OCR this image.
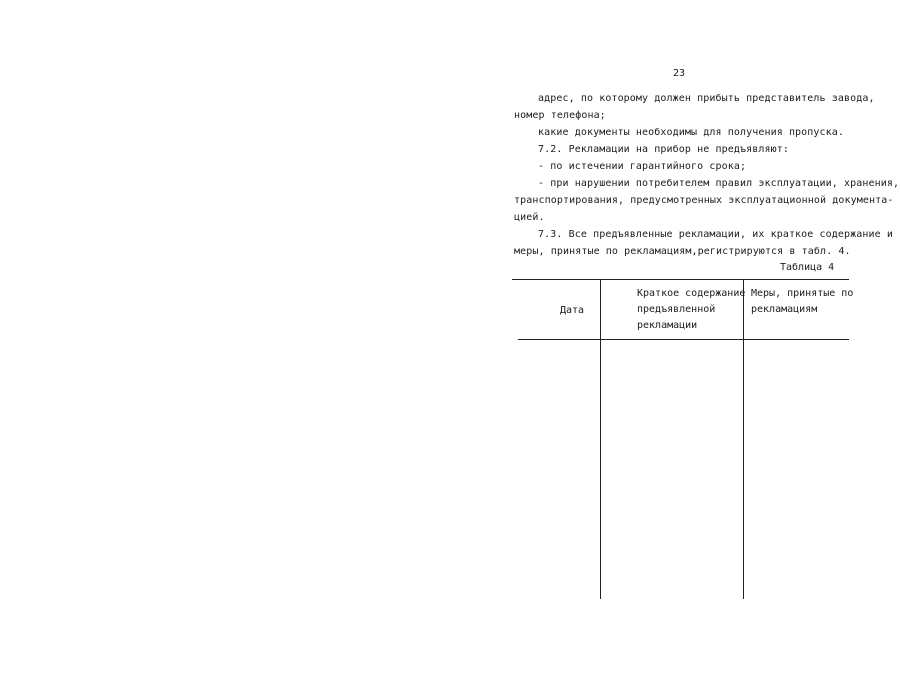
23
адрес, по которому должен прибыть представитель завода,
номер телефона;
какие документы необходимы для получения пропуска.
7.2. Рекламации на прибор не предъявляют:
- по истечении гарантийного срока;
- при нарушении потребителем правил эксплуатации, хранения,
транспортирования, предусмотренных эксплуатационной документа-
цией.
7.3. Все предъявленные рекламации, их краткое содержание и
меры, принятые по рекламациям,регистрируются в табл. 4.
Таблица 4
Дата
Краткое содержание
предъявленной
рекламации
Меры, принятые по
рекламациям
